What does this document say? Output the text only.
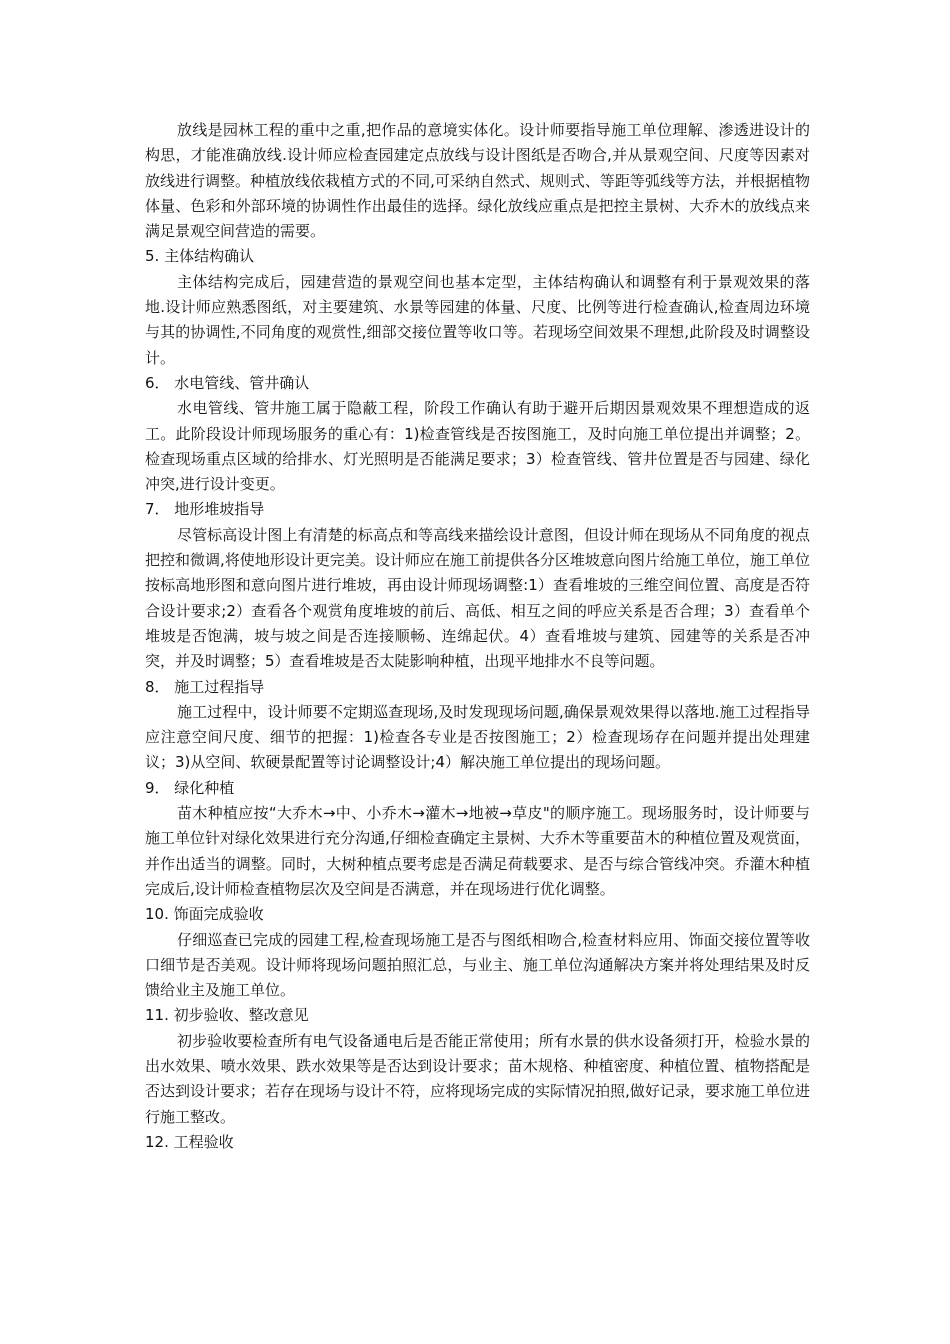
放线是园林工程的重中之重,把作品的意境实体化。设计师要指导施工单位理解、渗透进设计的构思，才能准确放线.设计师应检查园建定点放线与设计图纸是否吻合,并从景观空间、尺度等因素对放线进行调整。种植放线依栽植方式的不同,可采纳自然式、规则式、等距等弧线等方法，并根据植物体量、色彩和外部环境的协调性作出最佳的选择。绿化放线应重点是把控主景树、大乔木的放线点来满足景观空间营造的需要。

5. 主体结构确认

主体结构完成后，园建营造的景观空间也基本定型，主体结构确认和调整有利于景观效果的落地.设计师应熟悉图纸，对主要建筑、水景等园建的体量、尺度、比例等进行检查确认,检查周边环境与其的协调性,不同角度的观赏性,细部交接位置等收口等。若现场空间效果不理想,此阶段及时调整设计。

6． 水电管线、管井确认

水电管线、管井施工属于隐蔽工程，阶段工作确认有助于避开后期因景观效果不理想造成的返工。此阶段设计师现场服务的重心有：1)检查管线是否按图施工，及时向施工单位提出并调整；2。检查现场重点区域的给排水、灯光照明是否能满足要求；3）检查管线、管井位置是否与园建、绿化冲突,进行设计变更。

7． 地形堆坡指导

尽管标高设计图上有清楚的标高点和等高线来描绘设计意图，但设计师在现场从不同角度的视点把控和微调,将使地形设计更完美。设计师应在施工前提供各分区堆坡意向图片给施工单位，施工单位按标高地形图和意向图片进行堆坡，再由设计师现场调整:1）查看堆坡的三维空间位置、高度是否符合设计要求;2）查看各个观赏角度堆坡的前后、高低、相互之间的呼应关系是否合理；3）查看单个堆坡是否饱满，坡与坡之间是否连接顺畅、连绵起伏。4）查看堆坡与建筑、园建等的关系是否冲突，并及时调整；5）查看堆坡是否太陡影响种植，出现平地排水不良等问题。

8． 施工过程指导

施工过程中，设计师要不定期巡查现场,及时发现现场问题,确保景观效果得以落地.施工过程指导应注意空间尺度、细节的把握：1)检查各专业是否按图施工；2）检查现场存在问题并提出处理建议；3)从空间、软硬景配置等讨论调整设计;4）解决施工单位提出的现场问题。

9． 绿化种植

苗木种植应按“大乔木→中、小乔木→灌木→地被→草皮"的顺序施工。现场服务时，设计师要与施工单位针对绿化效果进行充分沟通,仔细检查确定主景树、大乔木等重要苗木的种植位置及观赏面，并作出适当的调整。同时，大树种植点要考虑是否满足荷载要求、是否与综合管线冲突。乔灌木种植完成后,设计师检查植物层次及空间是否满意，并在现场进行优化调整。

10. 饰面完成验收

仔细巡查已完成的园建工程,检查现场施工是否与图纸相吻合,检查材料应用、饰面交接位置等收口细节是否美观。设计师将现场问题拍照汇总，与业主、施工单位沟通解决方案并将处理结果及时反馈给业主及施工单位。

11. 初步验收、整改意见

初步验收要检查所有电气设备通电后是否能正常使用；所有水景的供水设备须打开，检验水景的出水效果、喷水效果、跌水效果等是否达到设计要求；苗木规格、种植密度、种植位置、植物搭配是否达到设计要求；若存在现场与设计不符，应将现场完成的实际情况拍照,做好记录，要求施工单位进行施工整改。

12. 工程验收
